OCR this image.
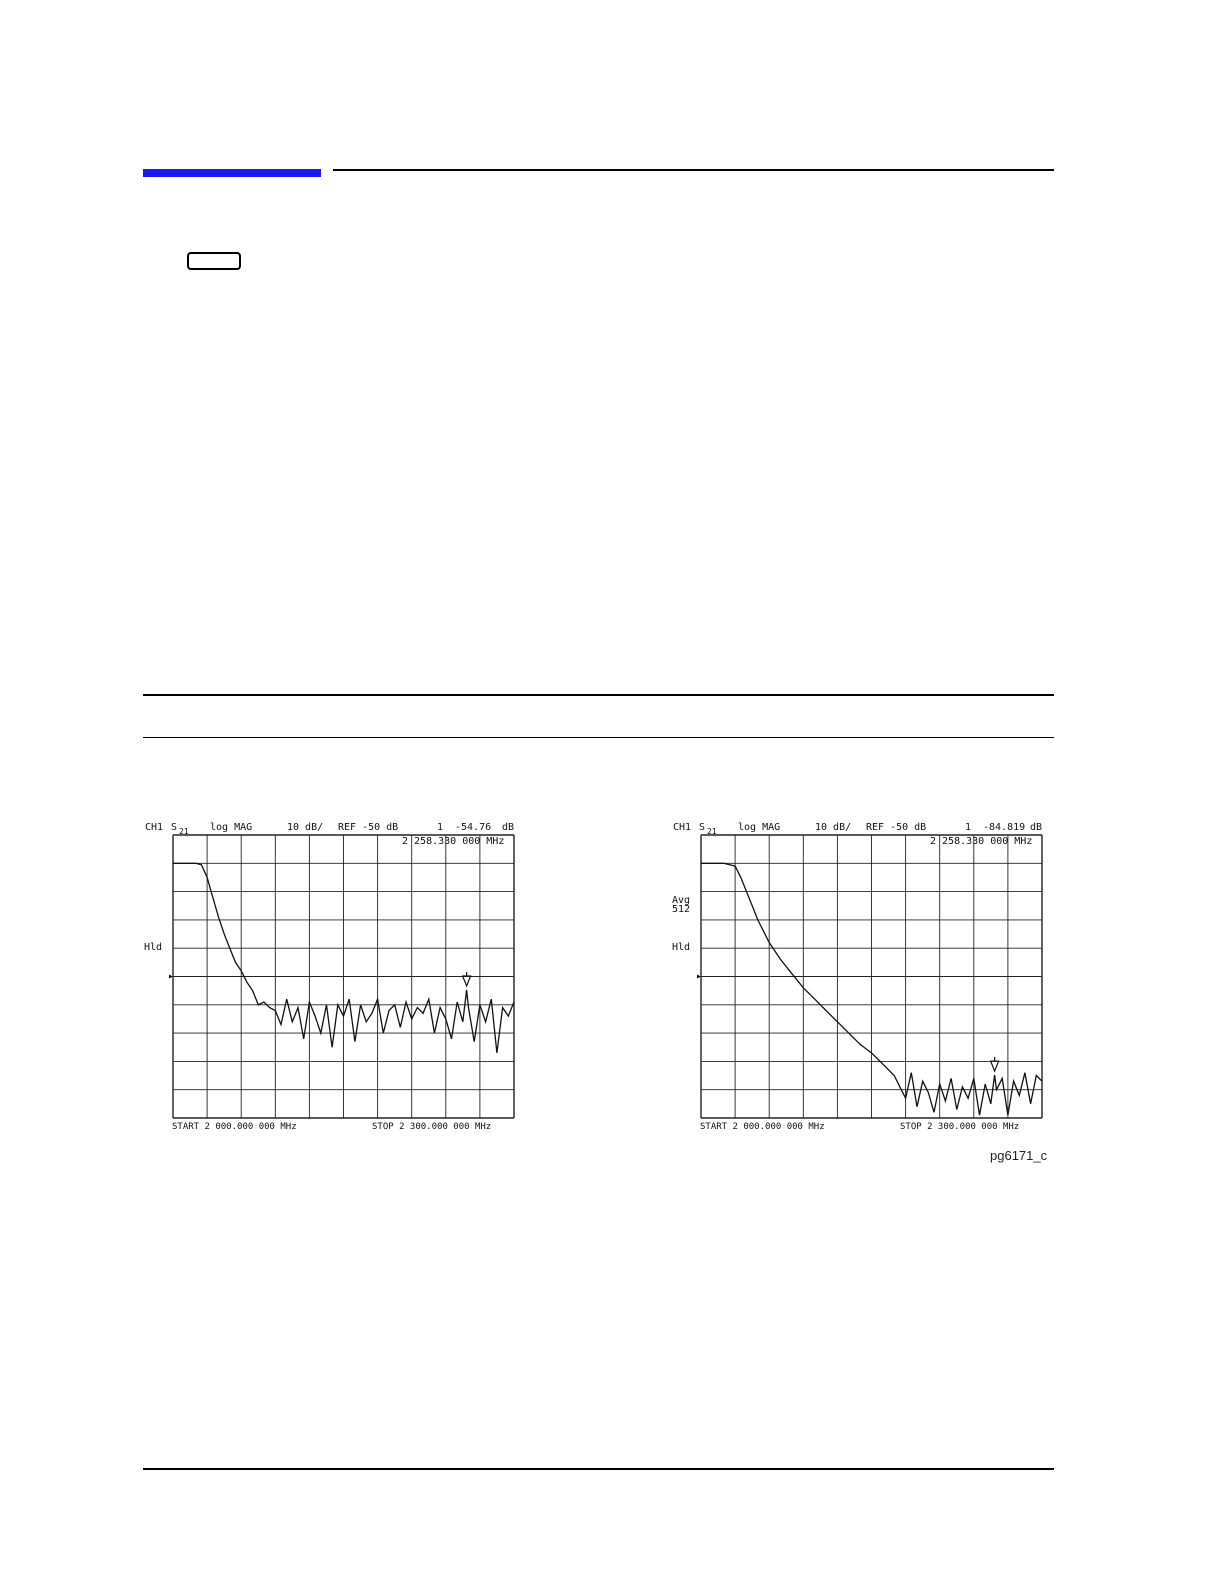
CH1 S 21 log MAG	10 dB/ REF -50 dB	1 -54.76 dB
2 258.330 000 MHz
Hld
START 2 000.000 000 MHz	STOP 2 300.000 000 MHz
CH1 S 21 log MAG	10 dB/ REF -50 dB	1 -84.819 dB
2 258.330 000 MHz
Avg
512
Hld
START 2 000.000 000 MHz	STOP 2 300.000 000 MHz
pg6171_c
